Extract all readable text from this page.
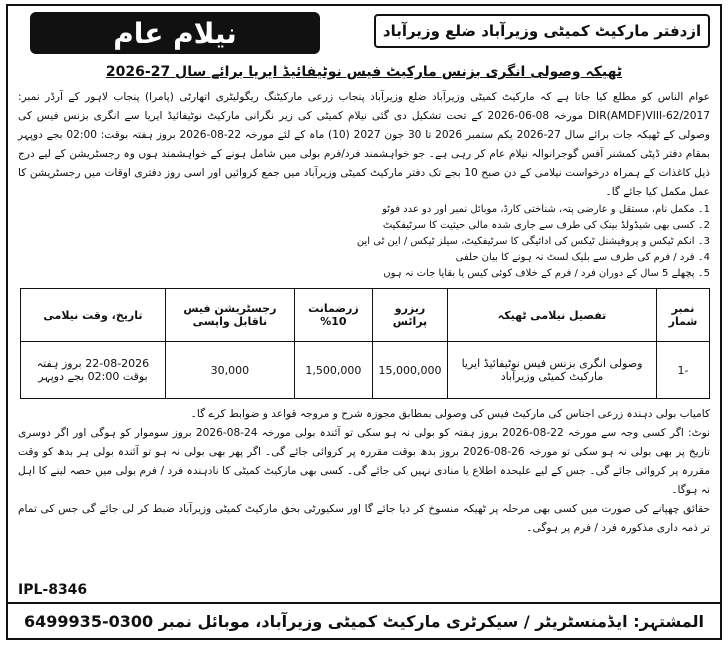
ازدفتر مارکیٹ کمیٹی وزیرآباد ضلع وزیرآباد
نیلام عام
ٹھیکہ وصولی انگری بزنس مارکیٹ فیس نوٹیفائیڈ ایریا برائے سال 27-2026
عوام الناس کو مطلع کیا جاتا ہے کہ مارکیٹ کمیٹی وزیرآباد ضلع وزیرآباد پنجاب زرعی مارکیٹنگ ریگولیٹری اتھارٹی (پامرا) پنجاب لاہور کے آرڈر نمبر: DIR(AMDF)VIII-62/2017 مورخہ 08-06-2026 کے تحت تشکیل دی گئی نیلام کمیٹی کی زیر نگرانی مارکیٹ نوٹیفائیڈ ایریا سے انگری بزنس فیس کی وصولی کے ٹھیکہ جات برائے سال 27-2026 یکم ستمبر 2026 تا 30 جون 2027 (10) ماہ کے لئے مورخہ 22-08-2026 بروز ہفتہ بوقت: 02:00 بجے دوپہر بمقام دفتر ڈپٹی کمشنر آفس گوجرانوالہ نیلام عام کر رہی ہے۔ جو خواہشمند فرد/فرم بولی میں شامل ہونے کے خواہشمند ہوں وہ رجسٹریشن کے لیے درج ذیل کاغذات کے ہمراہ درخواست نیلامی کے دن صبح 10 بجے تک دفتر مارکیٹ کمیٹی وزیرآباد میں جمع کروائیں اور اسی روز دفتری اوقات میں رجسٹریشن کا عمل مکمل کیا جائے گا۔
1۔ مکمل نام، مستقل و عارضی پتہ، شناختی کارڈ، موبائل نمبر اور دو عدد فوٹو
2۔ کسی بھی شیڈولڈ بینک کی طرف سے جاری شدہ مالی حیثیت کا سرٹیفکیٹ
3۔ انکم ٹیکس و پروفیشنل ٹیکس کی ادائیگی کا سرٹیفکیٹ، سیلز ٹیکس / این ٹی این
4۔ فرد / فرم کی طرف سے بلیک لسٹ نہ ہونے کا بیان حلفی
5۔ پچھلے 5 سال کے دوران فرد / فرم کے خلاف کوئی کیس یا بقایا جات نہ ہوں
نمبر شمار	تفصیل نیلامی ٹھیکہ	ریزرو پرائس	زرضمانت 10%	رجسٹریشن فیس ناقابل واپسی	تاریخ، وقت نیلامی
-1	وصولی انگری بزنس فیس نوٹیفائیڈ ایریا مارکیٹ کمیٹی وزیرآباد	15,000,000	1,500,000	30,000	22-08-2026 بروز ہفتہ بوقت 02:00 بجے دوپہر
کامیاب بولی دہندہ زرعی اجناس کی مارکیٹ فیس کی وصولی بمطابق مجوزہ شرح و مروجہ قواعد و ضوابط کرے گا۔
نوٹ: اگر کسی وجہ سے مورخہ 22-08-2026 بروز ہفتہ کو بولی نہ ہو سکی تو آئندہ بولی مورخہ 24-08-2026 بروز سوموار کو ہوگی اور اگر دوسری تاریخ پر بھی بولی نہ ہو سکی تو مورخہ 26-08-2026 بروز بدھ بوقت مقررہ پر کروائی جائے گی۔ اگر پھر بھی بولی نہ ہو تو آئندہ بولی ہر بدھ کو وقت مقررہ پر کروائی جائے گی۔ جس کے لیے علیحدہ اطلاع یا منادی نہیں کی جائے گی۔ کسی بھی مارکیٹ کمیٹی کا نادہندہ فرد / فرم بولی میں حصہ لینے کا اہل نہ ہوگا۔
حقائق چھپانے کی صورت میں کسی بھی مرحلہ پر ٹھیکہ منسوخ کر دیا جائے گا اور سکیورٹی بحق مارکیٹ کمیٹی وزیرآباد ضبط کر لی جائے گی جس کی تمام تر ذمہ داری مذکورہ فرد / فرم پر ہوگی۔
IPL-8346
المشتہر: ایڈمنسٹریٹر / سیکرٹری مارکیٹ کمیٹی وزیرآباد، موبائل نمبر 0300-6499935
